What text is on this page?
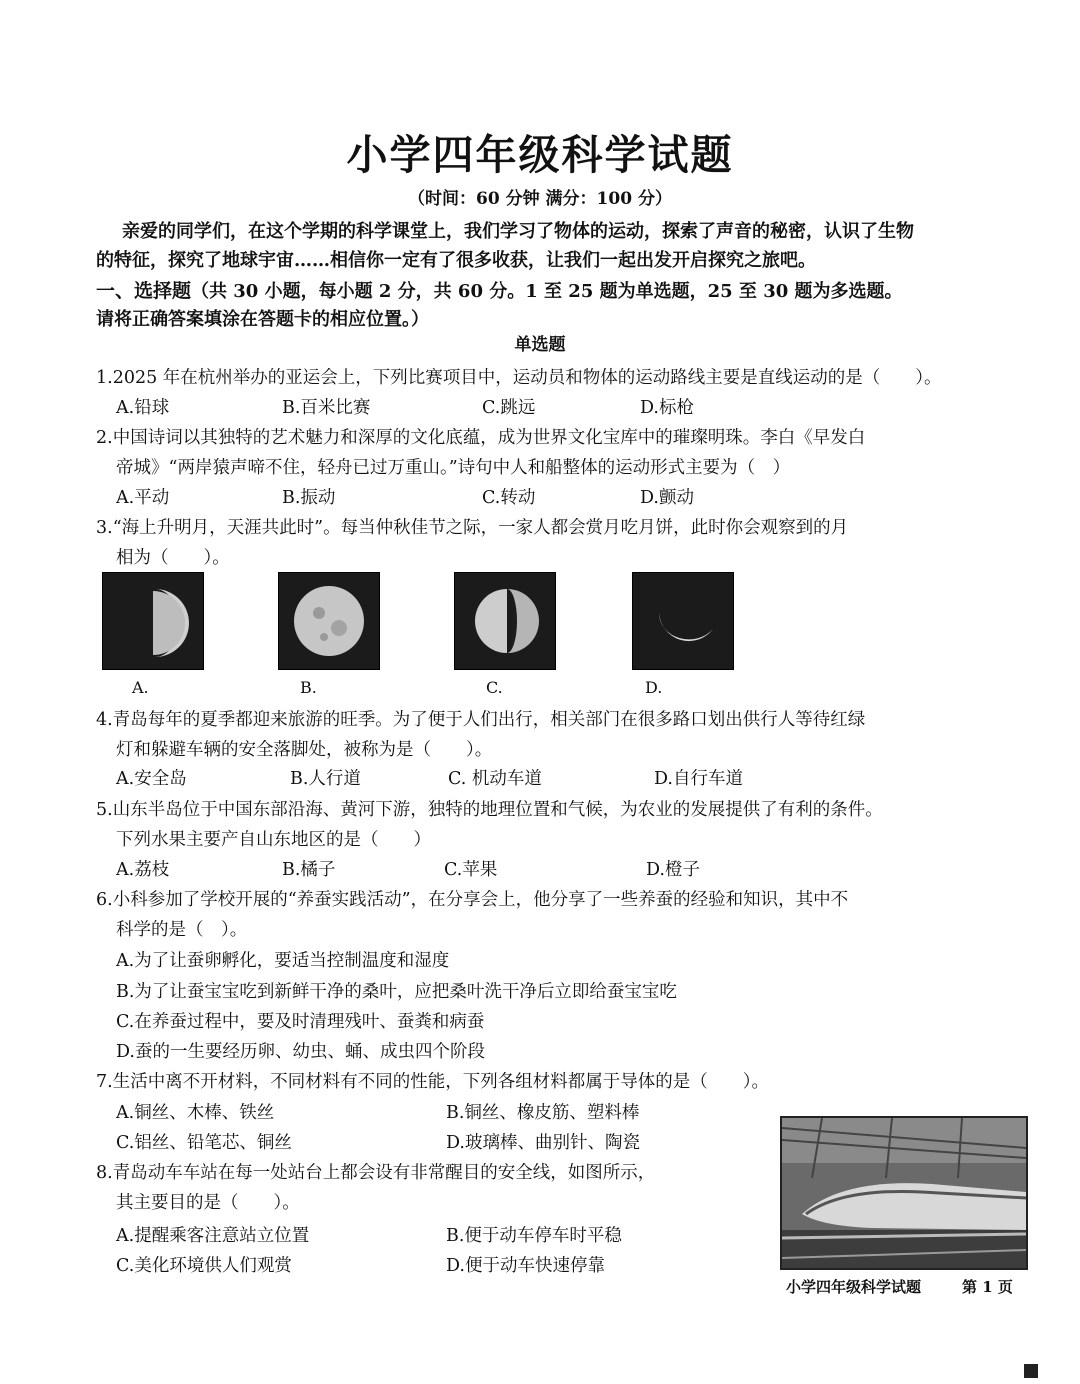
小学四年级科学试题
（时间：60 分钟 满分：100 分）
亲爱的同学们，在这个学期的科学课堂上，我们学习了物体的运动，探索了声音的秘密，认识了生物
的特征，探究了地球宇宙……相信你一定有了很多收获，让我们一起出发开启探究之旅吧。
一、选择题（共 30 小题，每小题 2 分，共 60 分。1 至 25 题为单选题，25 至 30 题为多选题。
请将正确答案填涂在答题卡的相应位置。）
单选题
1.2025 年在杭州举办的亚运会上，下列比赛项目中，运动员和物体的运动路线主要是直线运动的是（　　）。
A.铅球	B.百米比赛	C.跳远	D.标枪
2.中国诗词以其独特的艺术魅力和深厚的文化底蕴，成为世界文化宝库中的璀璨明珠。李白《早发白
帝城》“两岸猿声啼不住，轻舟已过万重山。”诗句中人和船整体的运动形式主要为（　）
A.平动	B.振动	C.转动	D.颤动
3.“海上升明月，天涯共此时”。每当仲秋佳节之际，一家人都会赏月吃月饼，此时你会观察到的月
相为（　　）。
A.	B.	C.	D.
4.青岛每年的夏季都迎来旅游的旺季。为了便于人们出行，相关部门在很多路口划出供行人等待红绿
灯和躲避车辆的安全落脚处，被称为是（　　）。
A.安全岛	B.人行道	C. 机动车道	D.自行车道
5.山东半岛位于中国东部沿海、黄河下游，独特的地理位置和气候，为农业的发展提供了有利的条件。
下列水果主要产自山东地区的是（　　）
A.荔枝	B.橘子	C.苹果	D.橙子
6.小科参加了学校开展的“养蚕实践活动”，在分享会上，他分享了一些养蚕的经验和知识，其中不
科学的是（　）。
A.为了让蚕卵孵化，要适当控制温度和湿度
B.为了让蚕宝宝吃到新鲜干净的桑叶，应把桑叶洗干净后立即给蚕宝宝吃
C.在养蚕过程中，要及时清理残叶、蚕粪和病蚕
D.蚕的一生要经历卵、幼虫、蛹、成虫四个阶段
7.生活中离不开材料，不同材料有不同的性能，下列各组材料都属于导体的是（　　）。
A.铜丝、木棒、铁丝	B.铜丝、橡皮筋、塑料棒
C.铝丝、铅笔芯、铜丝	D.玻璃棒、曲别针、陶瓷
8.青岛动车车站在每一处站台上都会设有非常醒目的安全线，如图所示，
其主要目的是（　　）。
A.提醒乘客注意站立位置	B.便于动车停车时平稳
C.美化环境供人们观赏	D.便于动车快速停靠
小学四年级科学试题	第 1 页
